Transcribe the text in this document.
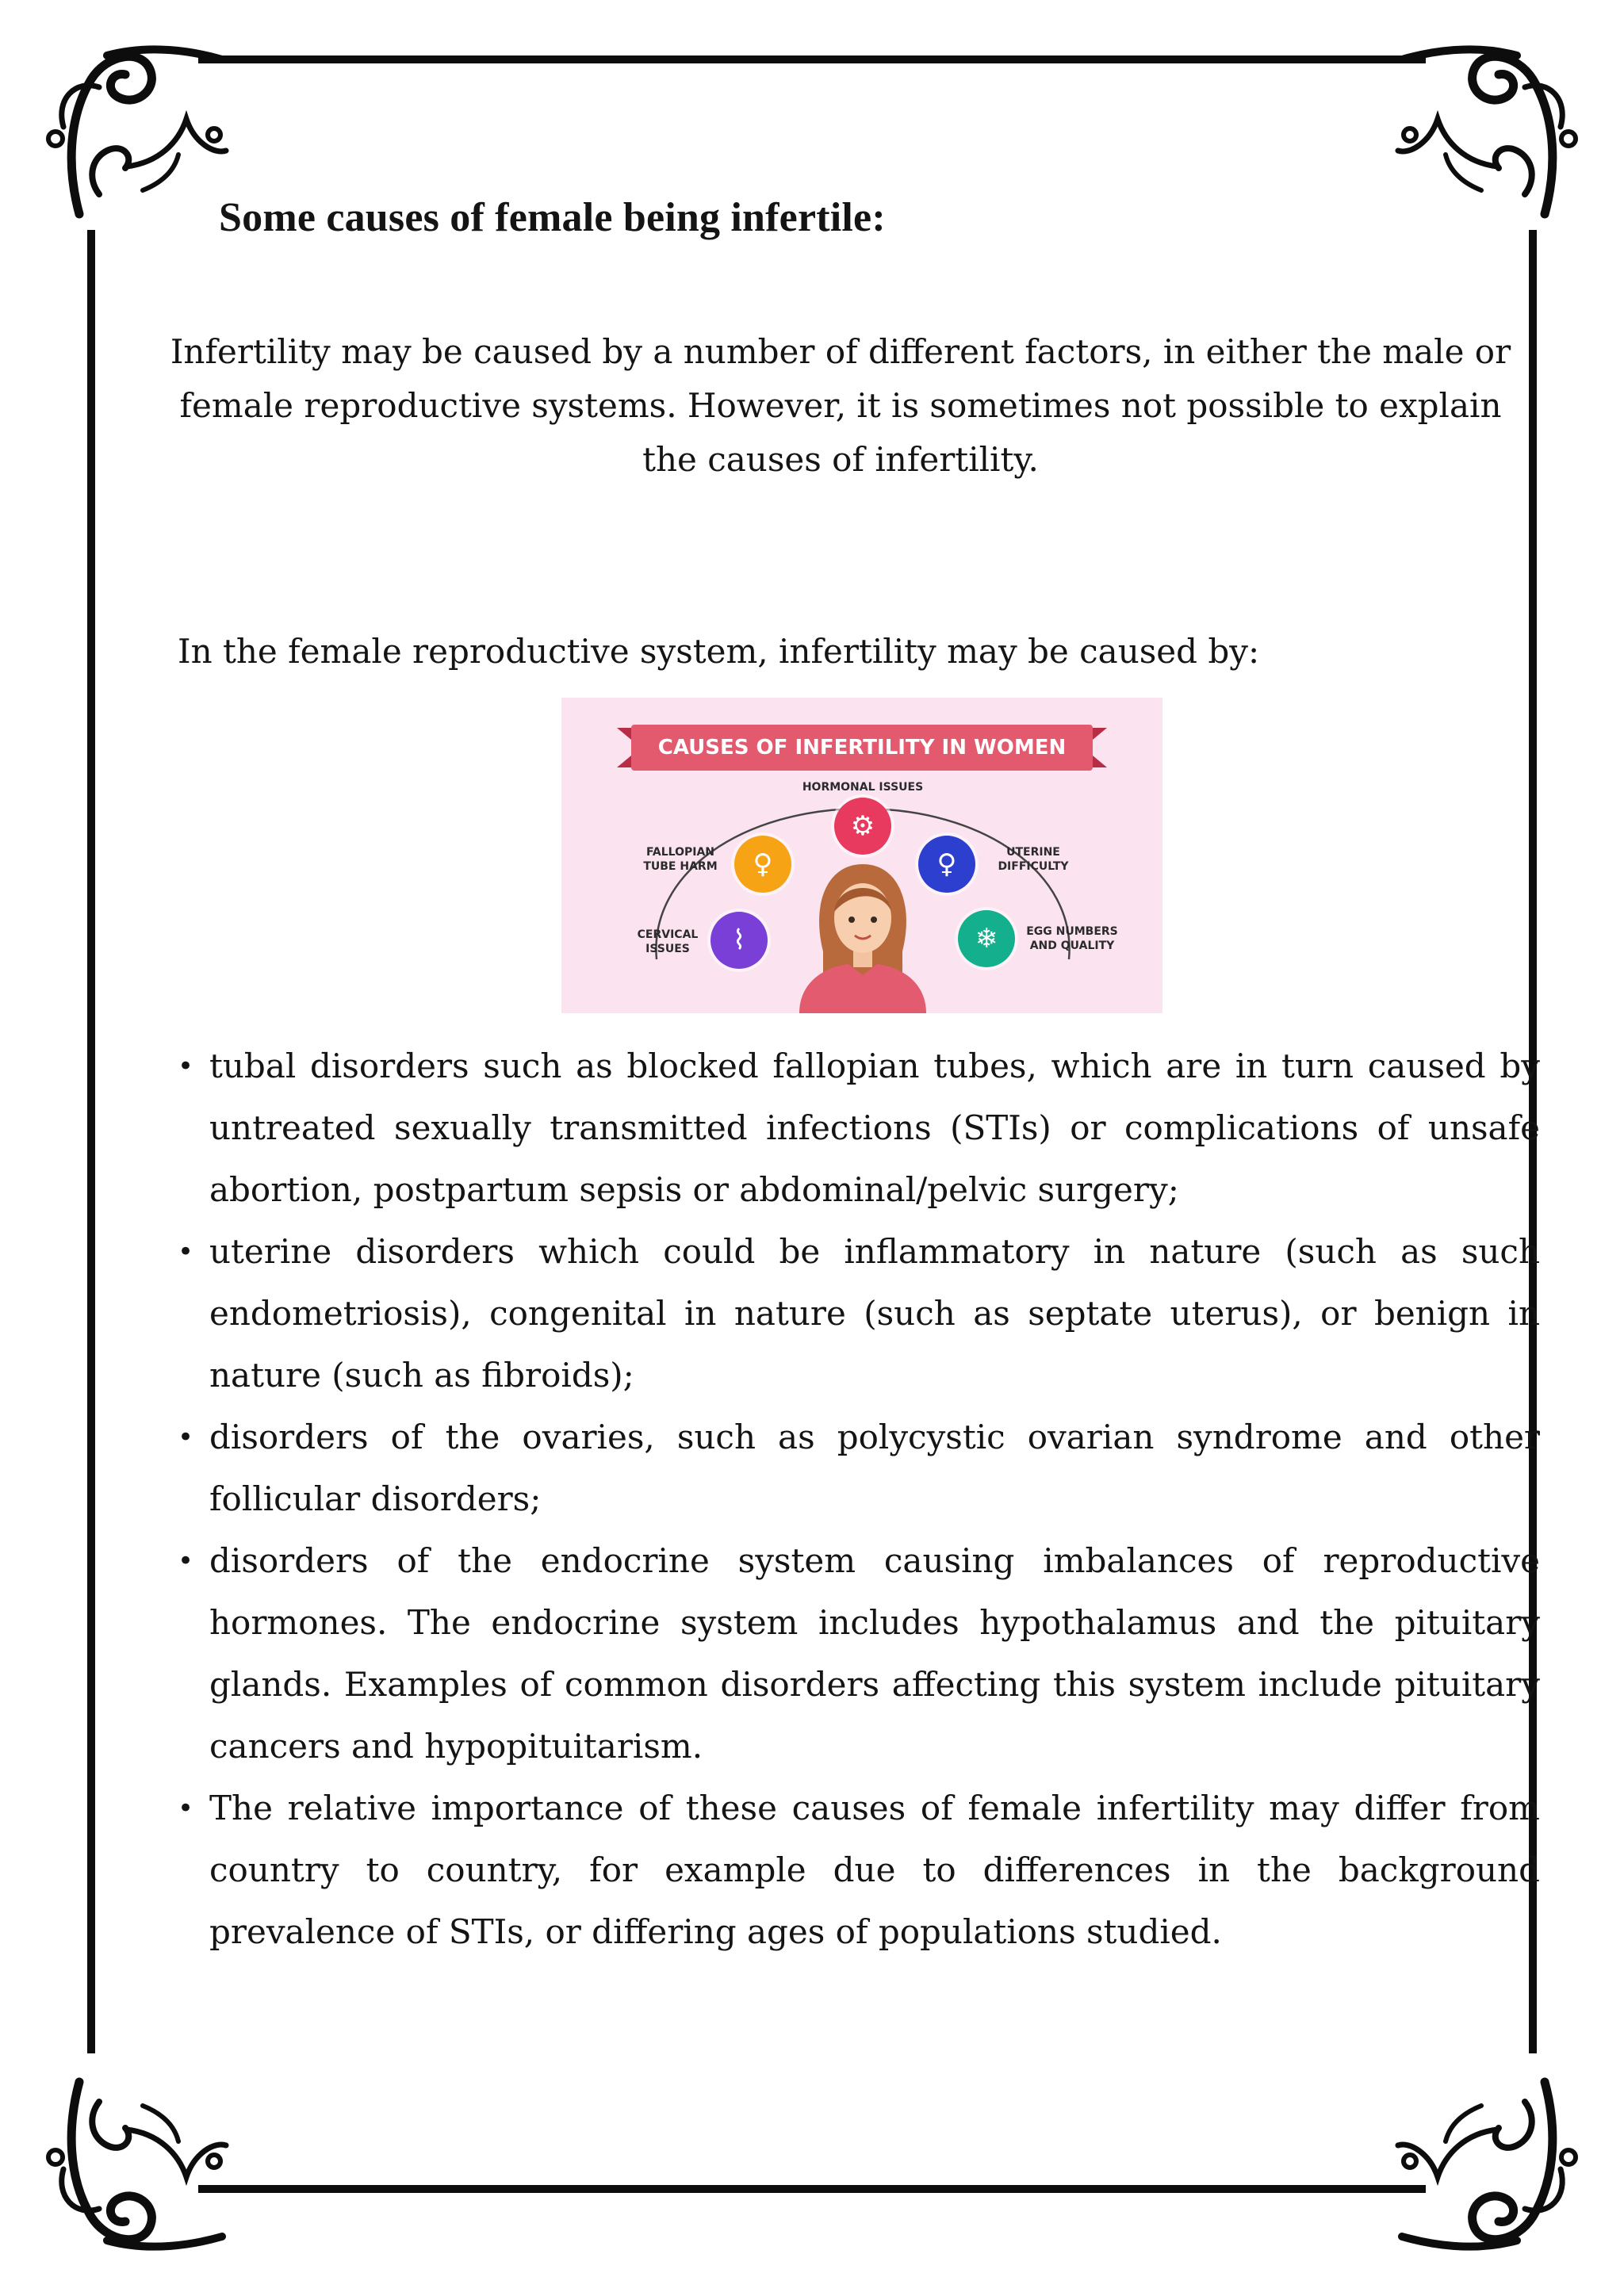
Some causes of female being infertile:
Infertility may be caused by a number of different factors, in either the male or female reproductive systems. However, it is sometimes not possible to explain the causes of infertility.
In the female reproductive system, infertility may be caused by:
CAUSES OF INFERTILITY IN WOMEN
HORMONAL ISSUES
⚙
FALLOPIAN
TUBE HARM	♀	UTERINE
DIFFICULTY
♀
CERVICAL
ISSUES	⌇	EGG NUMBERS
AND QUALITY
❄
• tubal disorders such as blocked fallopian tubes, which are in turn caused by untreated sexually transmitted infections (STIs) or complications of unsafe abortion, postpartum sepsis or abdominal/pelvic surgery;
• uterine disorders which could be inflammatory in nature (such as such endometriosis), congenital in nature (such as septate uterus), or benign in nature (such as fibroids);
• disorders of the ovaries, such as polycystic ovarian syndrome and other follicular disorders;
• disorders of the endocrine system causing imbalances of reproductive hormones. The endocrine system includes hypothalamus and the pituitary glands. Examples of common disorders affecting this system include pituitary cancers and hypopituitarism.
• The relative importance of these causes of female infertility may differ from country to country, for example due to differences in the background prevalence of STIs, or differing ages of populations studied.
